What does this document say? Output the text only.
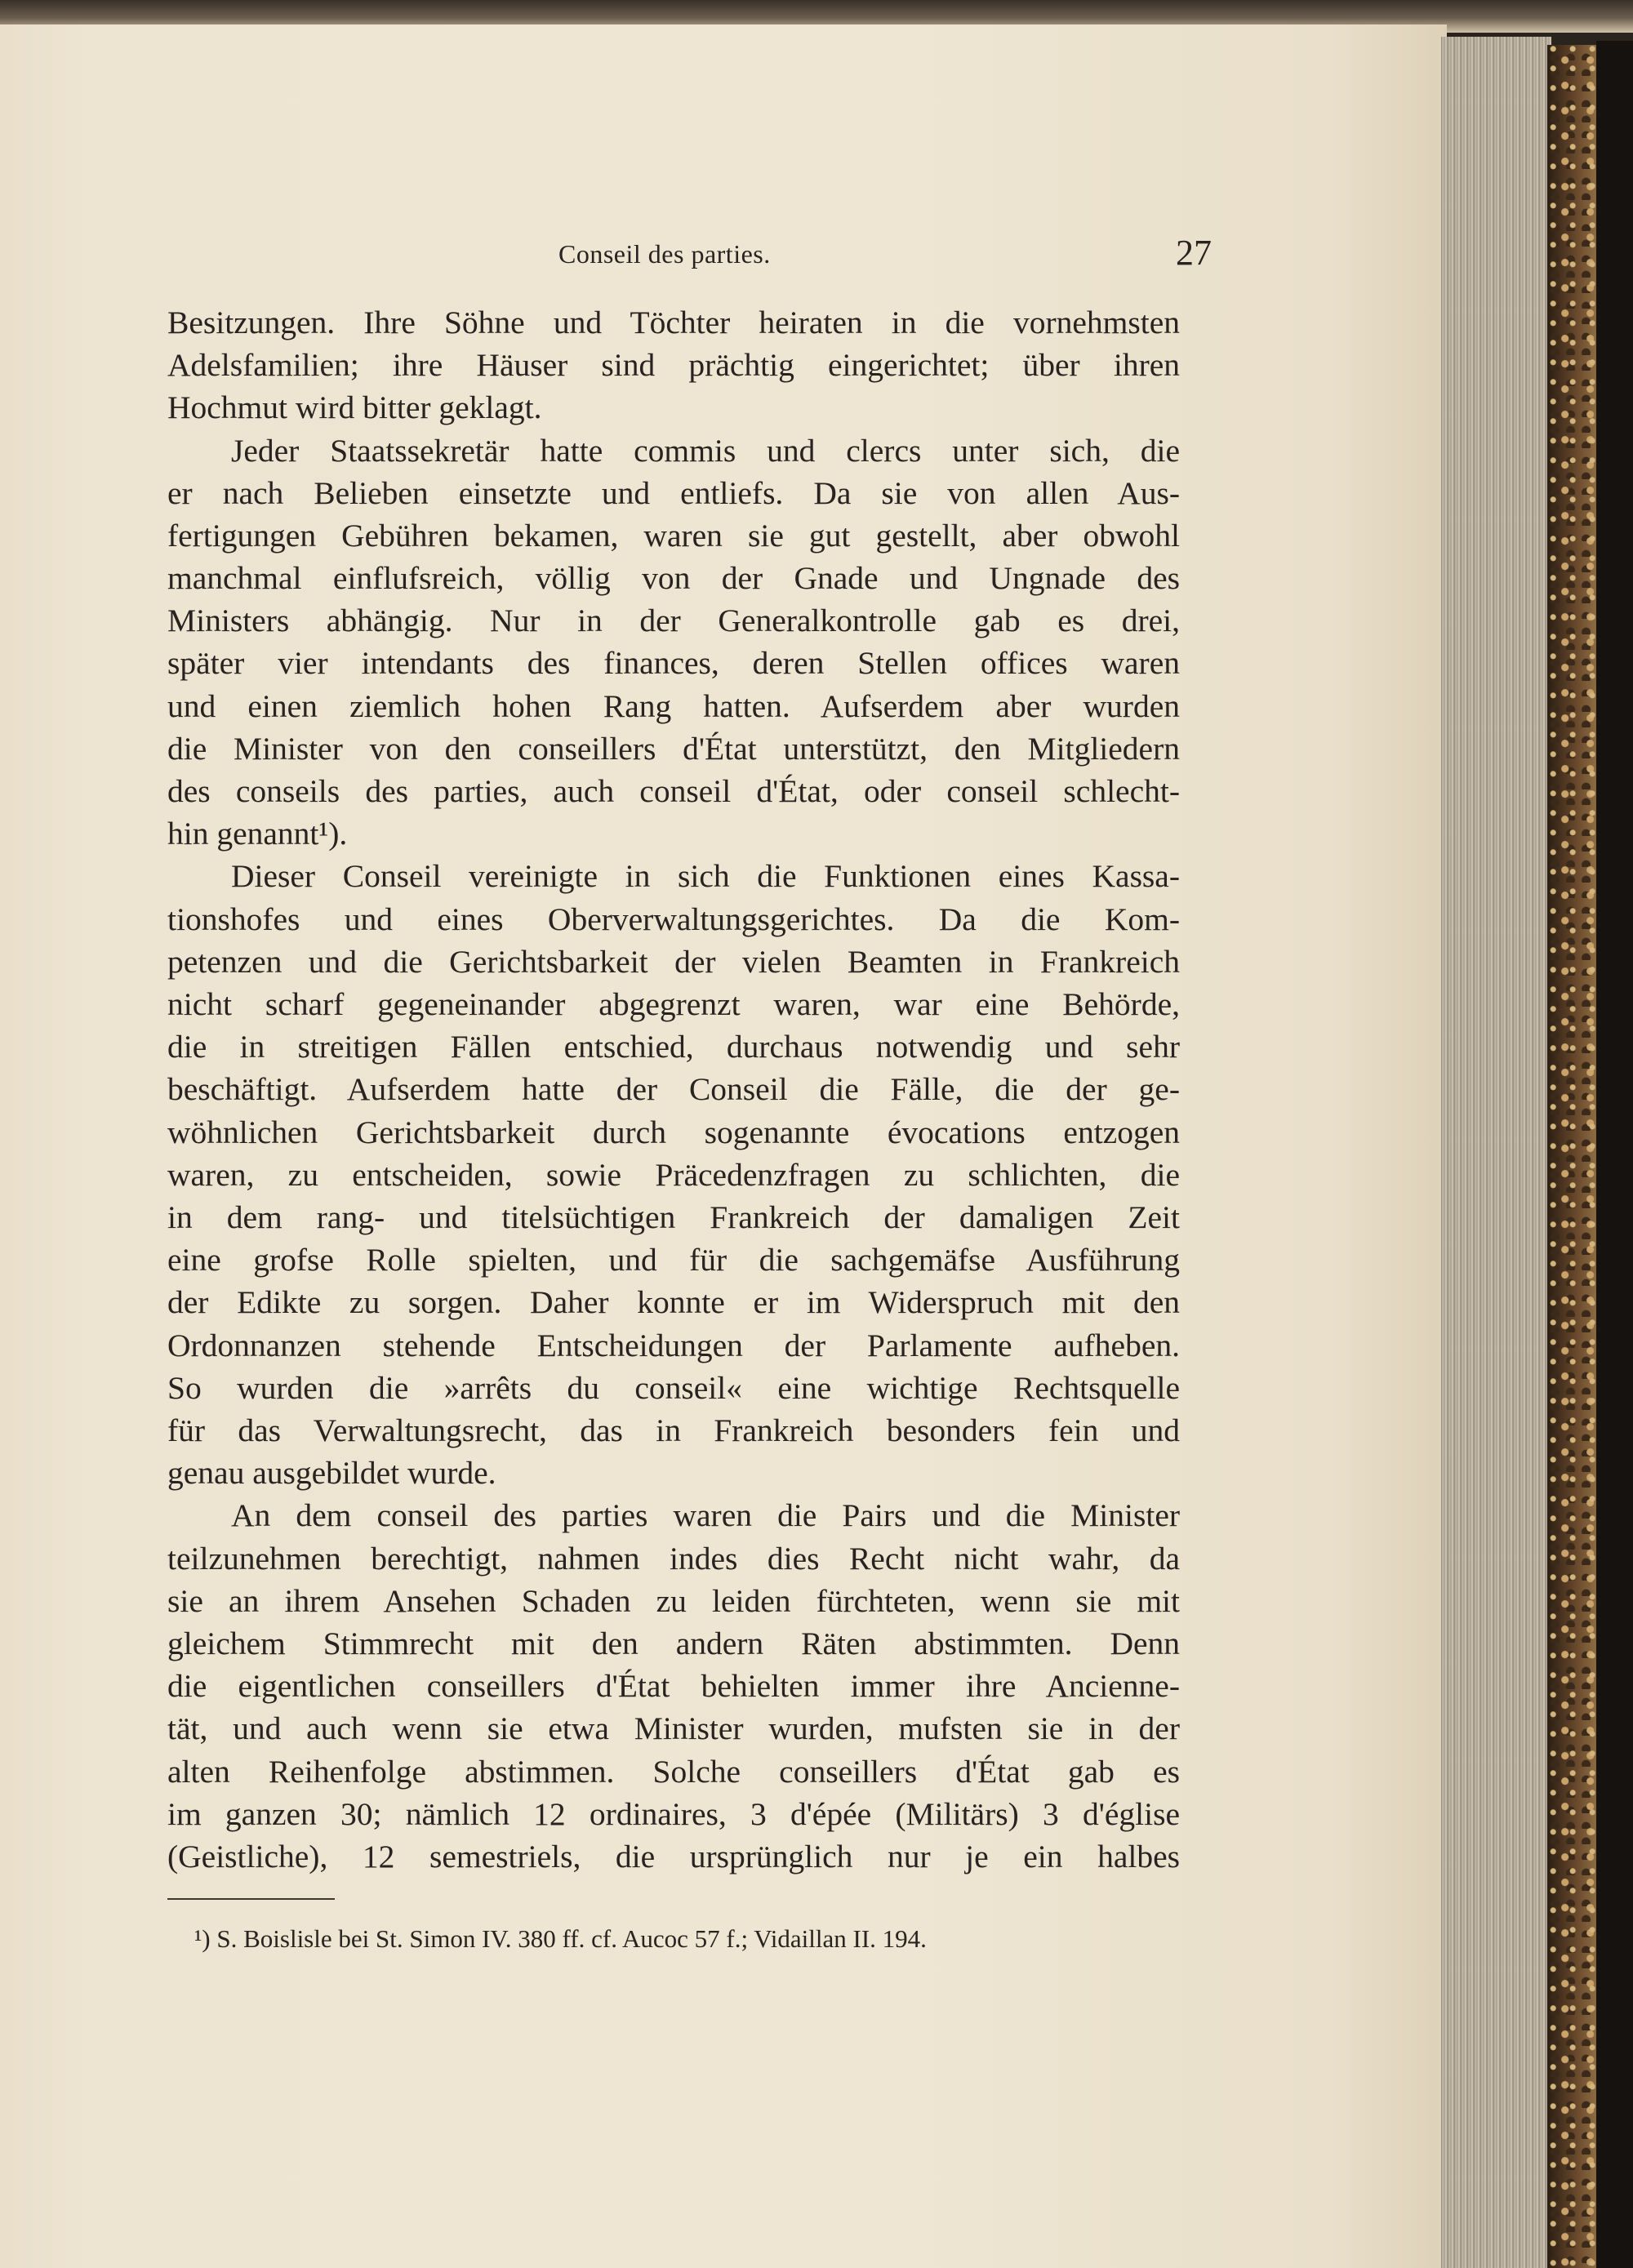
Conseil des parties.	27
Besitzungen. Ihre Söhne und Töchter heiraten in die vornehmsten
Adelsfamilien; ihre Häuser sind prächtig eingerichtet; über ihren
Hochmut wird bitter geklagt.
Jeder Staatssekretär hatte commis und clercs unter sich, die
er nach Belieben einsetzte und entliefs. Da sie von allen Aus-
fertigungen Gebühren bekamen, waren sie gut gestellt, aber obwohl
manchmal einflufsreich, völlig von der Gnade und Ungnade des
Ministers abhängig. Nur in der Generalkontrolle gab es drei,
später vier intendants des finances, deren Stellen offices waren
und einen ziemlich hohen Rang hatten. Aufserdem aber wurden
die Minister von den conseillers d'État unterstützt, den Mitgliedern
des conseils des parties, auch conseil d'État, oder conseil schlecht-
hin genannt¹).
Dieser Conseil vereinigte in sich die Funktionen eines Kassa-
tionshofes und eines Oberverwaltungsgerichtes. Da die Kom-
petenzen und die Gerichtsbarkeit der vielen Beamten in Frankreich
nicht scharf gegeneinander abgegrenzt waren, war eine Behörde,
die in streitigen Fällen entschied, durchaus notwendig und sehr
beschäftigt. Aufserdem hatte der Conseil die Fälle, die der ge-
wöhnlichen Gerichtsbarkeit durch sogenannte évocations entzogen
waren, zu entscheiden, sowie Präcedenzfragen zu schlichten, die
in dem rang- und titelsüchtigen Frankreich der damaligen Zeit
eine grofse Rolle spielten, und für die sachgemäfse Ausführung
der Edikte zu sorgen. Daher konnte er im Widerspruch mit den
Ordonnanzen stehende Entscheidungen der Parlamente aufheben.
So wurden die »arrêts du conseil« eine wichtige Rechtsquelle
für das Verwaltungsrecht, das in Frankreich besonders fein und
genau ausgebildet wurde.
An dem conseil des parties waren die Pairs und die Minister
teilzunehmen berechtigt, nahmen indes dies Recht nicht wahr, da
sie an ihrem Ansehen Schaden zu leiden fürchteten, wenn sie mit
gleichem Stimmrecht mit den andern Räten abstimmten. Denn
die eigentlichen conseillers d'État behielten immer ihre Ancienne-
tät, und auch wenn sie etwa Minister wurden, mufsten sie in der
alten Reihenfolge abstimmen. Solche conseillers d'État gab es
im ganzen 30; nämlich 12 ordinaires, 3 d'épée (Militärs) 3 d'église
(Geistliche), 12 semestriels, die ursprünglich nur je ein halbes
¹) S. Boislisle bei St. Simon IV. 380 ff. cf. Aucoc 57 f.; Vidaillan II. 194.
